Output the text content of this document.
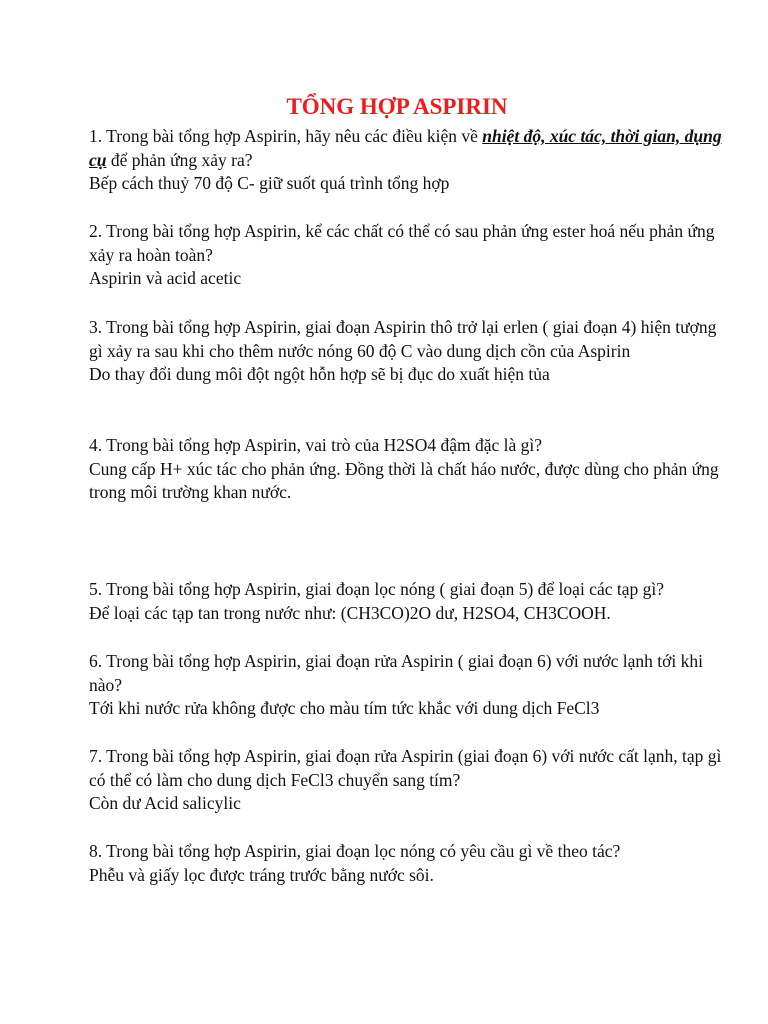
TỔNG HỢP ASPIRIN

1. Trong bài tổng hợp Aspirin, hãy nêu các điều kiện về nhiệt độ, xúc tác, thời gian, dụng cụ để phản ứng xảy ra?

Bếp cách thuỷ 70 độ C- giữ suốt quá trình tổng hợp

2. Trong bài tổng hợp Aspirin, kể các chất có thể có sau phản ứng ester hoá nếu phản ứng xảy ra hoàn toàn?

Aspirin và acid acetic

3. Trong bài tổng hợp Aspirin, giai đoạn Aspirin thô trở lại erlen ( giai đoạn 4) hiện tượng gì xảy ra sau khi cho thêm nước nóng 60 độ C vào dung dịch cồn của Aspirin

Do thay đổi dung môi đột ngột hỗn hợp sẽ bị đục do xuất hiện tủa

4. Trong bài tổng hợp Aspirin, vai trò của H2SO4 đậm đặc là gì?

Cung cấp H+ xúc tác cho phản ứng. Đồng thời là chất háo nước, được dùng cho phản ứng trong môi trường khan nước.

5. Trong bài tổng hợp Aspirin, giai đoạn lọc nóng ( giai đoạn 5) để loại các tạp gì?

Để loại các tạp tan trong nước như: (CH3CO)2O dư, H2SO4, CH3COOH.

6. Trong bài tổng hợp Aspirin, giai đoạn rửa Aspirin ( giai đoạn 6) với nước lạnh tới khi nào?

Tới khi nước rửa không được cho màu tím tức khắc với dung dịch FeCl3

7. Trong bài tổng hợp Aspirin, giai đoạn rửa Aspirin (giai đoạn 6) với nước cất lạnh, tạp gì có thể có làm cho dung dịch FeCl3 chuyển sang tím?

Còn dư Acid salicylic

8. Trong bài tổng hợp Aspirin, giai đoạn lọc nóng có yêu cầu gì về theo tác?

Phễu và giấy lọc được tráng trước bằng nước sôi.
